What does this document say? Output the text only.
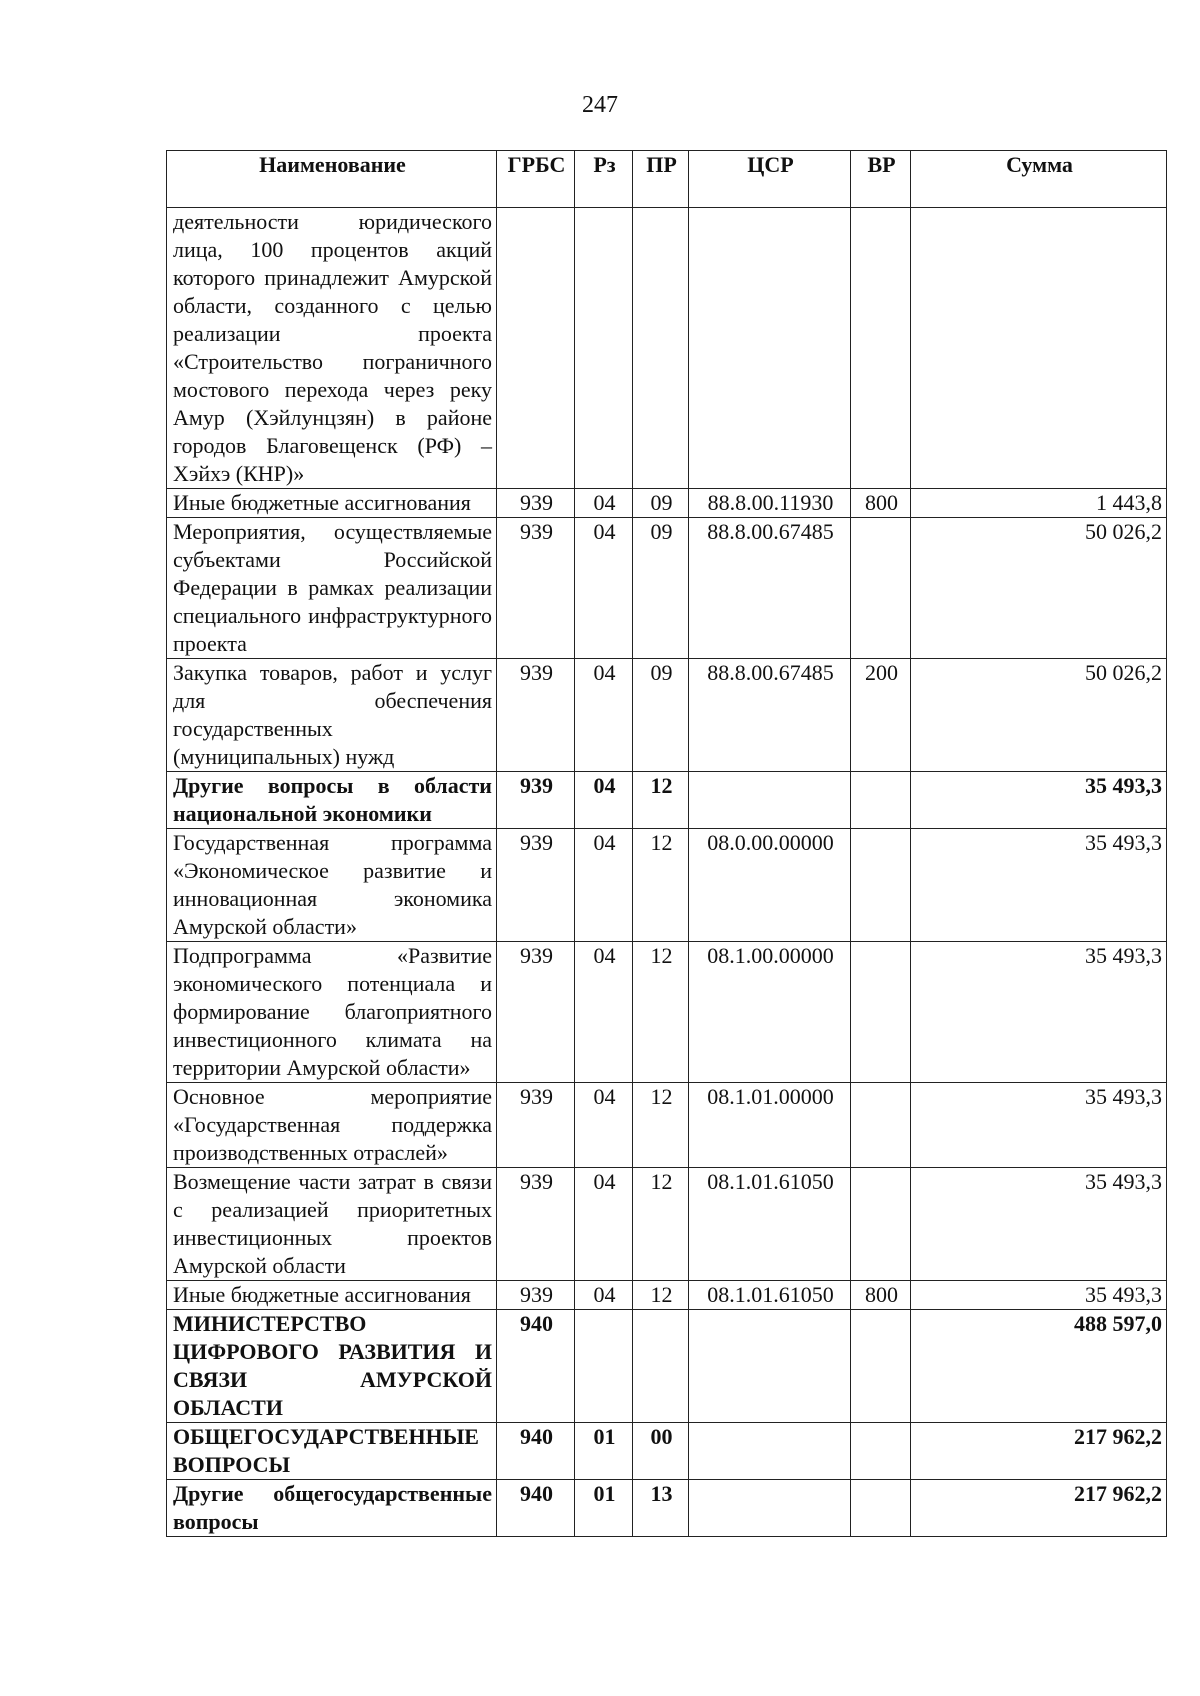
247
Наименование	ГРБС	Рз	ПР	ЦСР	ВР	Сумма
деятельности юридического лица, 100 процентов акций которого принадлежит Амурской области, созданного с целью реализации проекта «Строительство пограничного мостового перехода через реку Амур (Хэйлунцзян) в районе городов Благовещенск (РФ) – Хэйхэ (КНР)»						
Иные бюджетные ассигнования	939	04	09	88.8.00.11930	800	1 443,8
Мероприятия, осуществляемые субъектами Российской Федерации в рамках реализации специального инфраструктурного проекта	939	04	09	88.8.00.67485		50 026,2
Закупка товаров, работ и услуг для обеспечения государственных (муниципальных) нужд	939	04	09	88.8.00.67485	200	50 026,2
Другие вопросы в области национальной экономики	939	04	12			35 493,3
Государственная программа «Экономическое развитие и инновационная экономика Амурской области»	939	04	12	08.0.00.00000		35 493,3
Подпрограмма «Развитие экономического потенциала и формирование благоприятного инвестиционного климата на территории Амурской области»	939	04	12	08.1.00.00000		35 493,3
Основное мероприятие «Государственная поддержка производственных отраслей»	939	04	12	08.1.01.00000		35 493,3
Возмещение части затрат в связи с реализацией приоритетных инвестиционных проектов Амурской области	939	04	12	08.1.01.61050		35 493,3
Иные бюджетные ассигнования	939	04	12	08.1.01.61050	800	35 493,3
МИНИСТЕРСТВО ЦИФРОВОГО РАЗВИТИЯ И СВЯЗИ АМУРСКОЙ ОБЛАСТИ	940					488 597,0
ОБЩЕГОСУДАРСТВЕННЫЕ ВОПРОСЫ	940	01	00			217 962,2
Другие общегосударственные вопросы	940	01	13			217 962,2
